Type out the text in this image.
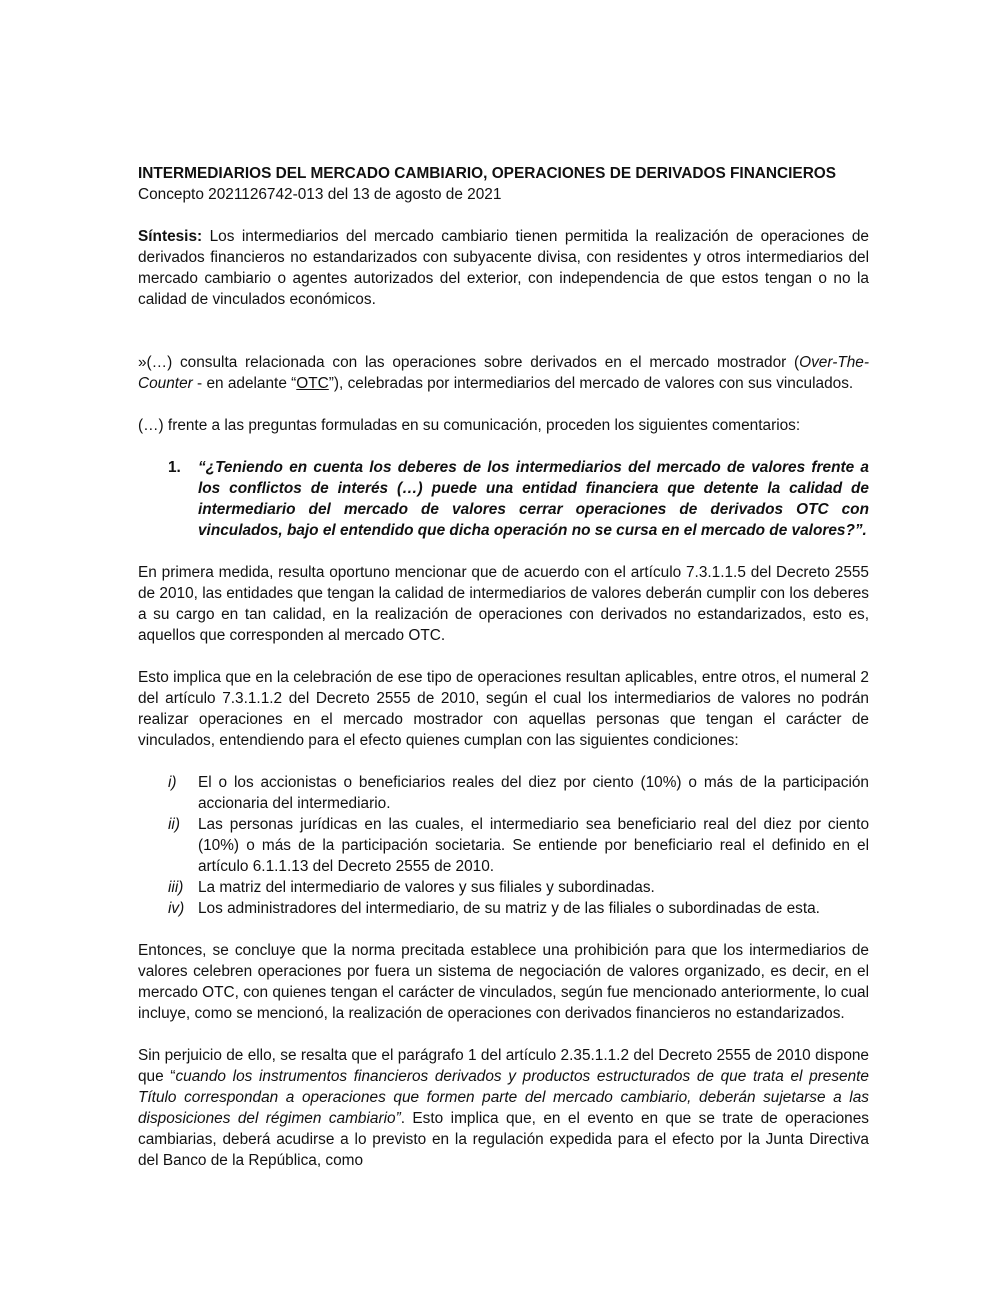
INTERMEDIARIOS DEL MERCADO CAMBIARIO, OPERACIONES DE DERIVADOS FINANCIEROS

Concepto 2021126742-013 del 13 de agosto de 2021

Síntesis: Los intermediarios del mercado cambiario tienen permitida la realización de operaciones de derivados financieros no estandarizados con subyacente divisa, con residentes y otros intermediarios del mercado cambiario o agentes autorizados del exterior, con independencia de que estos tengan o no la calidad de vinculados económicos.

»(…) consulta relacionada con las operaciones sobre derivados en el mercado mostrador (Over-The-Counter - en adelante “OTC”), celebradas por intermediarios del mercado de valores con sus vinculados.

(…) frente a las preguntas formuladas en su comunicación, proceden los siguientes comentarios:

1. “¿Teniendo en cuenta los deberes de los intermediarios del mercado de valores frente a los conflictos de interés (…) puede una entidad financiera que detente la calidad de intermediario del mercado de valores cerrar operaciones de derivados OTC con vinculados, bajo el entendido que dicha operación no se cursa en el mercado de valores?”.

En primera medida, resulta oportuno mencionar que de acuerdo con el artículo 7.3.1.1.5 del Decreto 2555 de 2010, las entidades que tengan la calidad de intermediarios de valores deberán cumplir con los deberes a su cargo en tan calidad, en la realización de operaciones con derivados no estandarizados, esto es, aquellos que corresponden al mercado OTC.

Esto implica que en la celebración de ese tipo de operaciones resultan aplicables, entre otros, el numeral 2 del artículo 7.3.1.1.2 del Decreto 2555 de 2010, según el cual los intermediarios de valores no podrán realizar operaciones en el mercado mostrador con aquellas personas que tengan el carácter de vinculados, entendiendo para el efecto quienes cumplan con las siguientes condiciones:

i) El o los accionistas o beneficiarios reales del diez por ciento (10%) o más de la participación accionaria del intermediario.
ii) Las personas jurídicas en las cuales, el intermediario sea beneficiario real del diez por ciento (10%) o más de la participación societaria. Se entiende por beneficiario real el definido en el artículo 6.1.1.13 del Decreto 2555 de 2010.
iii) La matriz del intermediario de valores y sus filiales y subordinadas.
iv) Los administradores del intermediario, de su matriz y de las filiales o subordinadas de esta.

Entonces, se concluye que la norma precitada establece una prohibición para que los intermediarios de valores celebren operaciones por fuera un sistema de negociación de valores organizado, es decir, en el mercado OTC, con quienes tengan el carácter de vinculados, según fue mencionado anteriormente, lo cual incluye, como se mencionó, la realización de operaciones con derivados financieros no estandarizados.

Sin perjuicio de ello, se resalta que el parágrafo 1 del artículo 2.35.1.1.2 del Decreto 2555 de 2010 dispone que “cuando los instrumentos financieros derivados y productos estructurados de que trata el presente Título correspondan a operaciones que formen parte del mercado cambiario, deberán sujetarse a las disposiciones del régimen cambiario”. Esto implica que, en el evento en que se trate de operaciones cambiarias, deberá acudirse a lo previsto en la regulación expedida para el efecto por la Junta Directiva del Banco de la República, como
